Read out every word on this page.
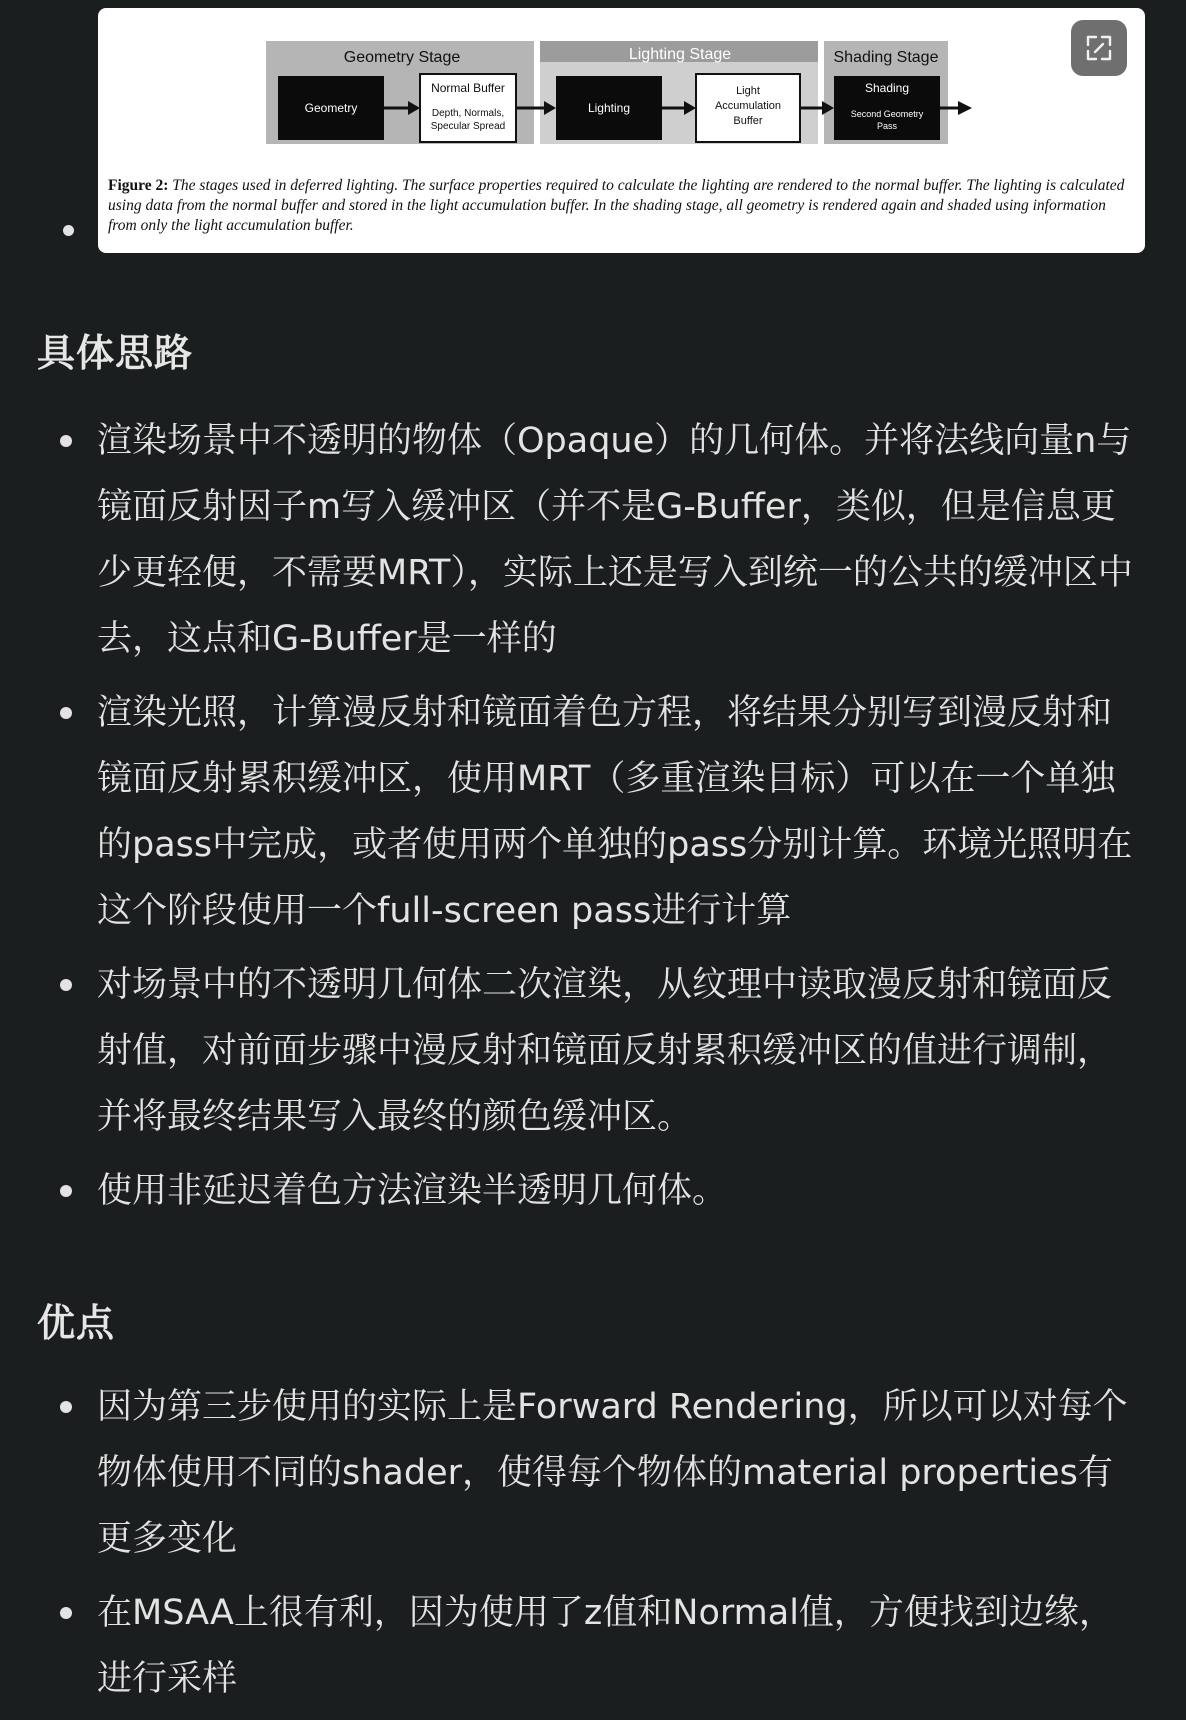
Geometry Stage	Lighting Stage	Shading Stage
Geometry
Normal Buffer
Depth, Normals,
Specular Spread
Lighting
Light
Accumulation
Buffer
Shading
Second Geometry
Pass
Figure 2: The stages used in deferred lighting. The surface properties required to calculate the lighting are rendered to the normal buffer. The lighting is calculated using data from the normal buffer and stored in the light accumulation buffer. In the shading stage, all geometry is rendered again and shaded using information from only the light accumulation buffer.
具体思路
渲染场景中不透明的物体（Opaque）的几何体。并将法线向量n与镜面反射因子m写入缓冲区（并不是G-Buffer，类似，但是信息更少更轻便，不需要MRT），实际上还是写入到统一的公共的缓冲区中去，这点和G-Buffer是一样的
渲染光照，计算漫反射和镜面着色方程，将结果分别写到漫反射和镜面反射累积缓冲区，使用MRT（多重渲染目标）可以在一个单独的pass中完成，或者使用两个单独的pass分别计算。环境光照明在这个阶段使用一个full-screen pass进行计算
对场景中的不透明几何体二次渲染，从纹理中读取漫反射和镜面反射值，对前面步骤中漫反射和镜面反射累积缓冲区的值进行调制，并将最终结果写入最终的颜色缓冲区。
使用非延迟着色方法渲染半透明几何体。
优点
因为第三步使用的实际上是Forward Rendering，所以可以对每个物体使用不同的shader，使得每个物体的material properties有更多变化
在MSAA上很有利，因为使用了z值和Normal值，方便找到边缘，进行采样
